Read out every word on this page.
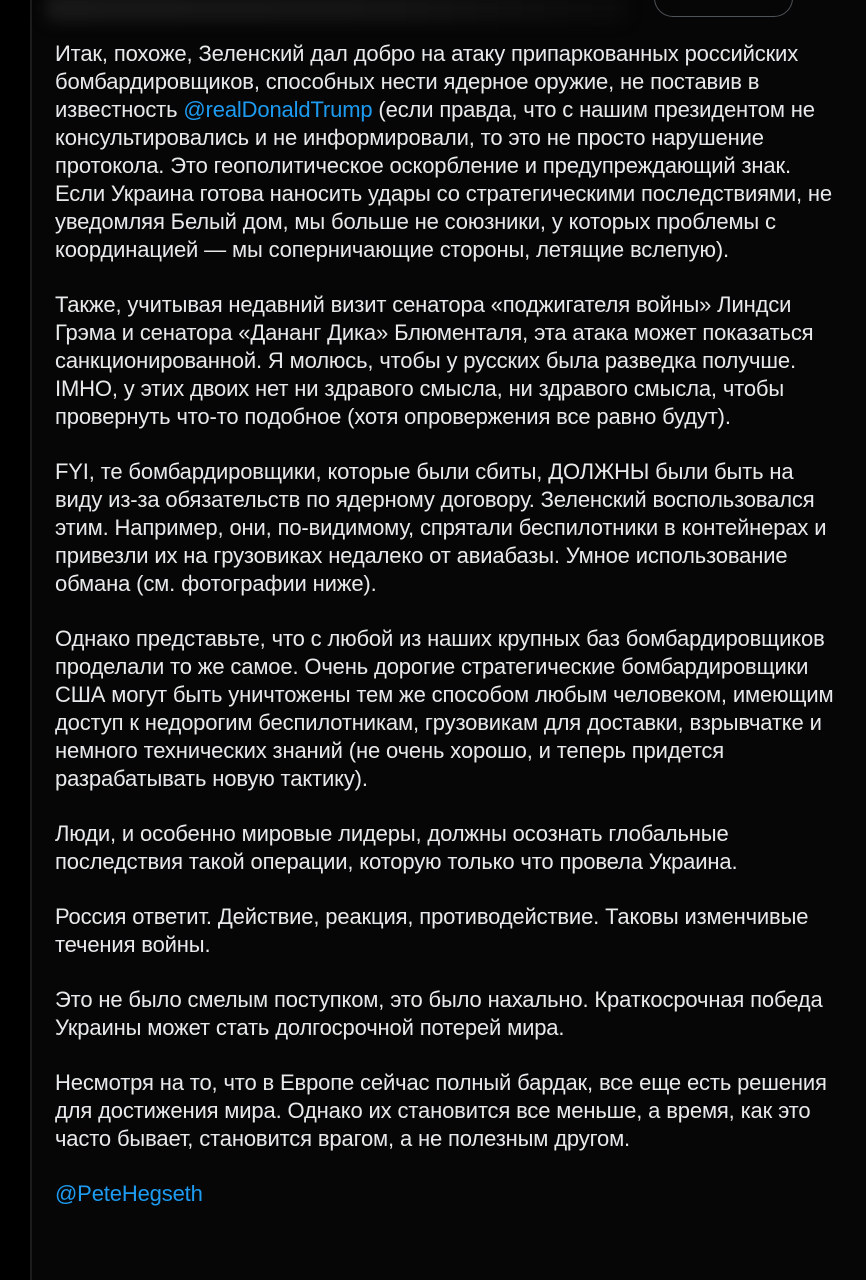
Итак, похоже, Зеленский дал добро на атаку припаркованных российских бомбардировщиков, способных нести ядерное оружие, не поставив в известность @realDonaldTrump (если правда, что с нашим президентом не консультировались и не информировали, то это не просто нарушение протокола. Это геополитическое оскорбление и предупреждающий знак. Если Украина готова наносить удары со стратегическими последствиями, не уведомляя Белый дом, мы больше не союзники, у которых проблемы с координацией — мы соперничающие стороны, летящие вслепую).

Также, учитывая недавний визит сенатора «поджигателя войны» Линдси Грэма и сенатора «Дананг Дика» Блюменталя, эта атака может показаться санкционированной. Я молюсь, чтобы у русских была разведка получше. IMHO, у этих двоих нет ни здравого смысла, ни здравого смысла, чтобы провернуть что-то подобное (хотя опровержения все равно будут).

FYI, те бомбардировщики, которые были сбиты, ДОЛЖНЫ были быть на виду из-за обязательств по ядерному договору. Зеленский воспользовался этим. Например, они, по-видимому, спрятали беспилотники в контейнерах и привезли их на грузовиках недалеко от авиабазы. Умное использование обмана (см. фотографии ниже).

Однако представьте, что с любой из наших крупных баз бомбардировщиков проделали то же самое. Очень дорогие стратегические бомбардировщики США могут быть уничтожены тем же способом любым человеком, имеющим доступ к недорогим беспилотникам, грузовикам для доставки, взрывчатке и немного технических знаний (не очень хорошо, и теперь придется разрабатывать новую тактику).

Люди, и особенно мировые лидеры, должны осознать глобальные последствия такой операции, которую только что провела Украина.

Россия ответит. Действие, реакция, противодействие. Таковы изменчивые течения войны.

Это не было смелым поступком, это было нахально. Краткосрочная победа Украины может стать долгосрочной потерей мира.

Несмотря на то, что в Европе сейчас полный бардак, все еще есть решения для достижения мира. Однако их становится все меньше, а время, как это часто бывает, становится врагом, а не полезным другом.

@PeteHegseth
